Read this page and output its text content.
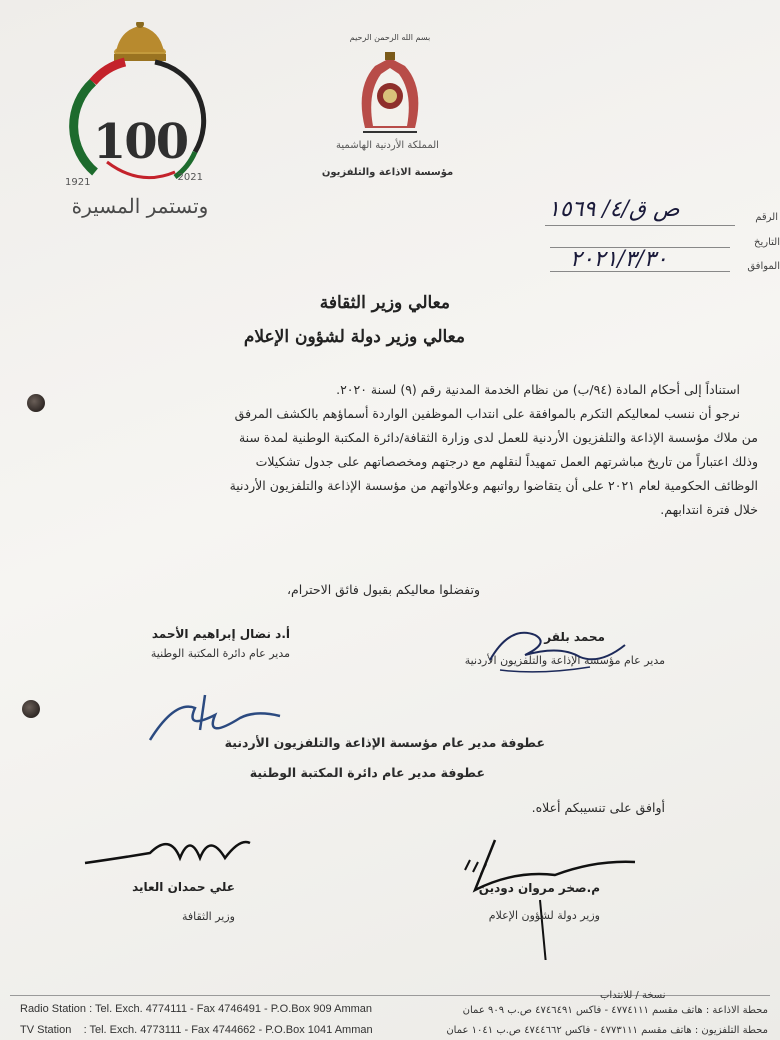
100
1921	2021
وتستمر المسيرة
بسم الله الرحمن الرحيم
المملكة الأردنية الهاشمية
مؤسسة الاذاعة والتلفزيون
الرقم
ص ق/٤/ ١٥٦٩
التاريخ
الموافق
٢٠٢١/٣/٣٠
معالي وزير الثقافة
معالي وزير دولة لشؤون الإعلام
استناداً إلى أحكام المادة (٩٤/ب) من نظام الخدمة المدنية رقم (٩) لسنة ٢٠٢٠.
نرجو أن ننسب لمعاليكم التكرم بالموافقة على انتداب الموظفين الواردة أسماؤهم بالكشف المرفق
من ملاك مؤسسة الإذاعة والتلفزيون الأردنية للعمل لدى وزارة الثقافة/دائرة المكتبة الوطنية لمدة سنة
وذلك اعتباراً من تاريخ مباشرتهم العمل تمهيداً لنقلهم مع درجتهم ومخصصاتهم على جدول تشكيلات
الوظائف الحكومية لعام ٢٠٢١ على أن يتقاضوا رواتبهم وعلاواتهم من مؤسسة الإذاعة والتلفزيون الأردنية
خلال فترة انتدابهم.
وتفضلوا معاليكم بقبول فائق الاحترام،
أ.د نضال إبراهيم الأحمد
مدير عام دائرة المكتبة الوطنية
محمد بلقر
مدير عام مؤسسة الإذاعة والتلفزيون الأردنية
عطوفة مدير عام مؤسسة الإذاعة والتلفزيون الأردنية
عطوفة مدير عام دائرة المكتبة الوطنية
أوافق على تنسيبكم أعلاه.
علي حمدان العايد
وزير الثقافة
م.صخر مروان دودين
وزير دولة لشؤون الإعلام
نسخة / للانتداب
Radio Station : Tel. Exch. 4774111 - Fax 4746491 - P.O.Box 909 Amman
TV Station    : Tel. Exch. 4773111 - Fax 4744662 - P.O.Box 1041 Amman
محطة الاذاعة : هاتف مقسم ٤٧٧٤١١١ - فاكس ٤٧٤٦٤٩١ ص.ب ٩٠٩ عمان
محطة التلفزيون : هاتف مقسم ٤٧٧٣١١١ - فاكس ٤٧٤٤٦٦٢ ص.ب ١٠٤١ عمان
